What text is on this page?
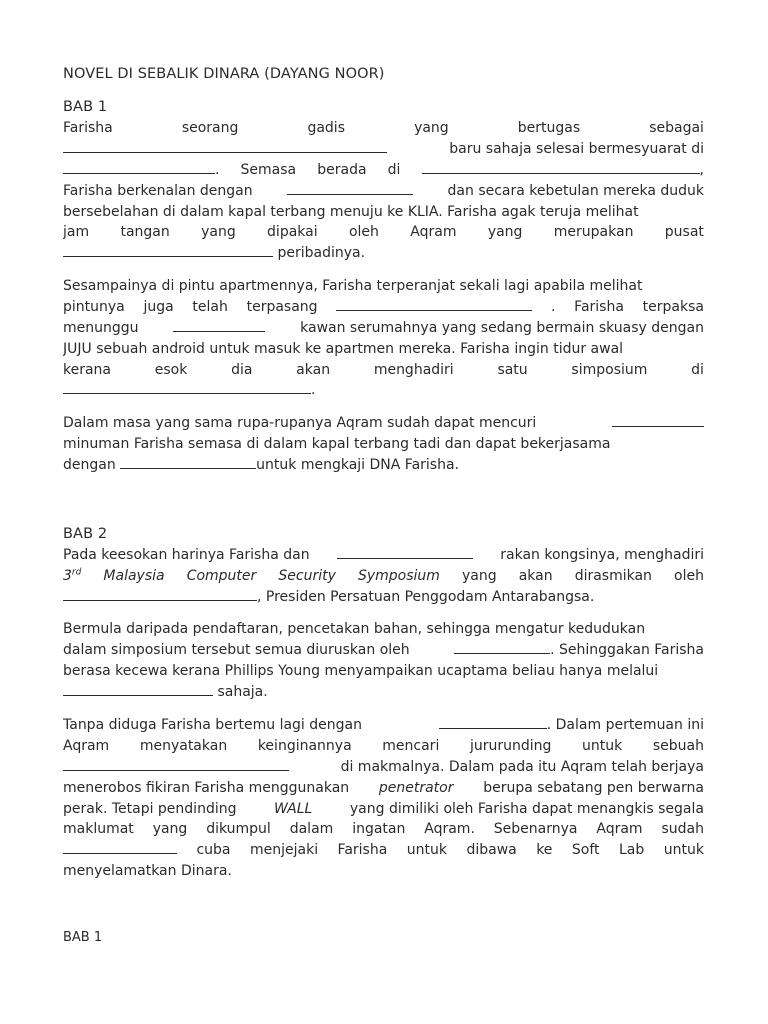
NOVEL DI SEBALIK DINARA (DAYANG NOOR)
BAB 1
Farisha	seorang	gadis	yang	bertugas	sebagai
baru sahaja selesai bermesyuarat di
. Semasa berada di	,
Farisha berkenalan dengan	dan secara kebetulan mereka duduk
bersebelahan di dalam kapal terbang menuju ke KLIA. Farisha agak teruja melihat
jam tangan yang dipakai oleh Aqram yang merupakan pusat
peribadinya.
Sesampainya di pintu apartmennya, Farisha terperanjat sekali lagi apabila melihat
pintunya juga telah terpasang	. Farisha terpaksa
menunggu	kawan serumahnya yang sedang bermain skuasy dengan
JUJU sebuah android untuk masuk ke apartmen mereka. Farisha ingin tidur awal
kerana	esok	dia	akan	menghadiri	satu	simposium	di
.
Dalam masa yang sama rupa-rupanya Aqram sudah dapat mencuri
minuman Farisha semasa di dalam kapal terbang tadi dan dapat bekerjasama
dengan	untuk mengkaji DNA Farisha.
BAB 2
Pada keesokan harinya Farisha dan	rakan kongsinya, menghadiri
3rd Malaysia Computer Security Symposium yang akan dirasmikan oleh
, Presiden Persatuan Penggodam Antarabangsa.
Bermula daripada pendaftaran, pencetakan bahan, sehingga mengatur kedudukan
dalam simposium tersebut semua diuruskan oleh	. Sehinggakan Farisha
berasa kecewa kerana Phillips Young menyampaikan ucaptama beliau hanya melalui
sahaja.
Tanpa diduga Farisha bertemu lagi dengan	. Dalam pertemuan ini
Aqram menyatakan keinginannya mencari jururunding untuk sebuah
di makmalnya. Dalam pada itu Aqram telah berjaya
menerobos fikiran Farisha menggunakan penetrator berupa sebatang pen berwarna
perak. Tetapi pendinding	WALL	yang dimiliki oleh Farisha dapat menangkis segala
maklumat yang dikumpul dalam ingatan Aqram. Sebenarnya Aqram sudah
cuba menjejaki Farisha untuk dibawa ke Soft Lab untuk
menyelamatkan Dinara.
BAB 1
